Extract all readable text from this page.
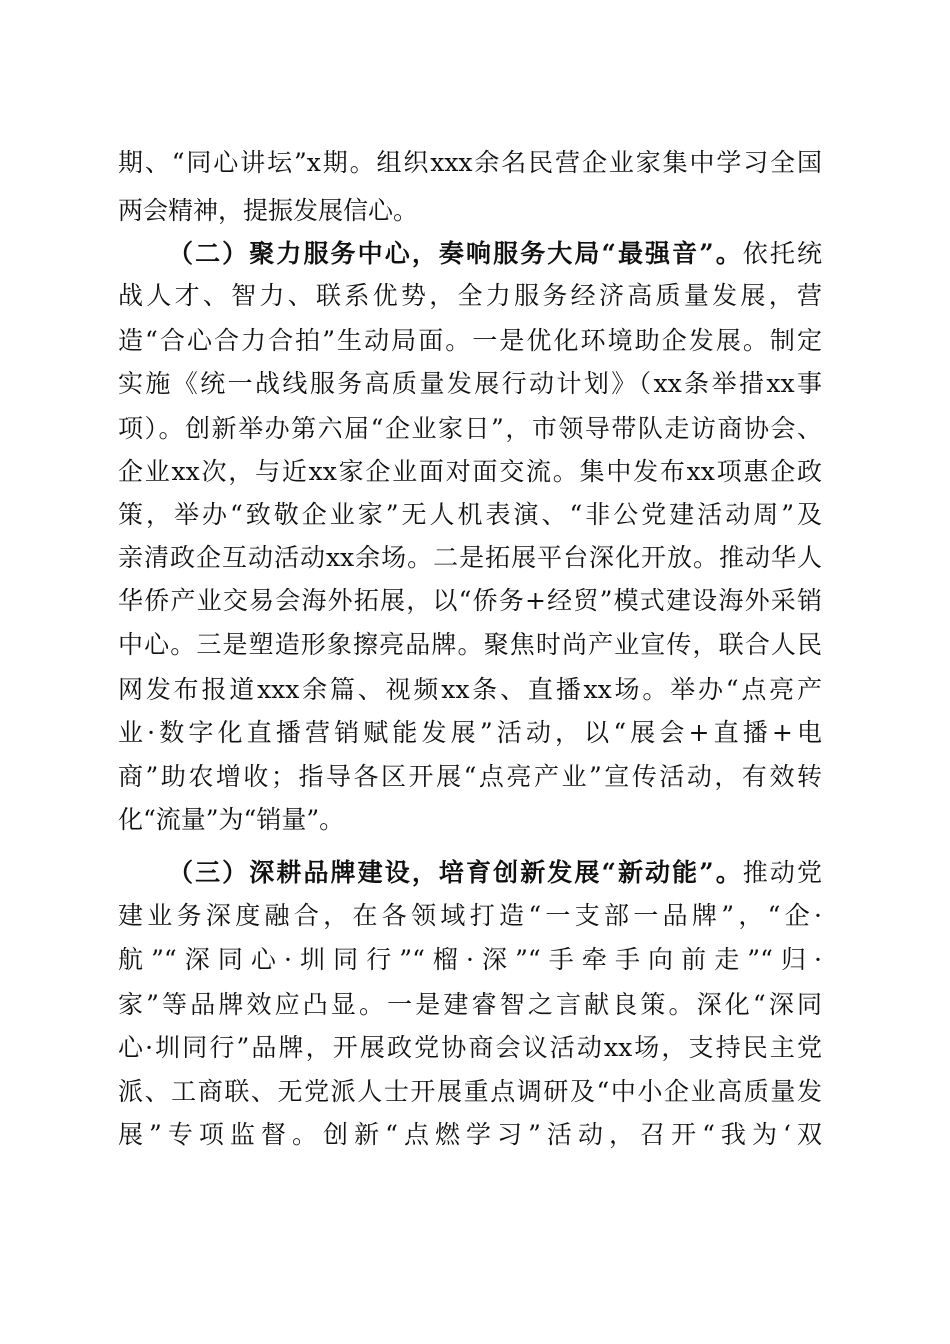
期、“同心讲坛”x期。组织xxx余名民营企业家集中学习全国
两会精神，提振发展信心。
（二）聚力服务中心，奏响服务大局“最强音”。依托统
战人才、智力、联系优势，全力服务经济高质量发展，营
造“合心合力合拍”生动局面。一是优化环境助企发展。制定
实施《统一战线服务高质量发展行动计划》（xx条举措xx事
项）。创新举办第六届“企业家日”，市领导带队走访商协会、
企业xx次，与近xx家企业面对面交流。集中发布xx项惠企政
策，举办“致敬企业家”无人机表演、“非公党建活动周”及
亲清政企互动活动xx余场。二是拓展平台深化开放。推动华人
华侨产业交易会海外拓展，以“侨务+经贸”模式建设海外采销
中心。三是塑造形象擦亮品牌。聚焦时尚产业宣传，联合人民
网发布报道xxx余篇、视频xx条、直播xx场。举办“点亮产
业·数字化直播营销赋能发展”活动，以“展会+直播+电
商”助农增收；指导各区开展“点亮产业”宣传活动，有效转
化“流量”为“销量”。
（三）深耕品牌建设，培育创新发展“新动能”。推动党
建业务深度融合，在各领域打造“一支部一品牌”，“企·
航”“深同心·圳同行”“榴·深”“手牵手向前走”“归·
家”等品牌效应凸显。一是建睿智之言献良策。深化“深同
心·圳同行”品牌，开展政党协商会议活动xx场，支持民主党
派、工商联、无党派人士开展重点调研及“中小企业高质量发
展”专项监督。创新“点燃学习”活动，召开“我为‘双
